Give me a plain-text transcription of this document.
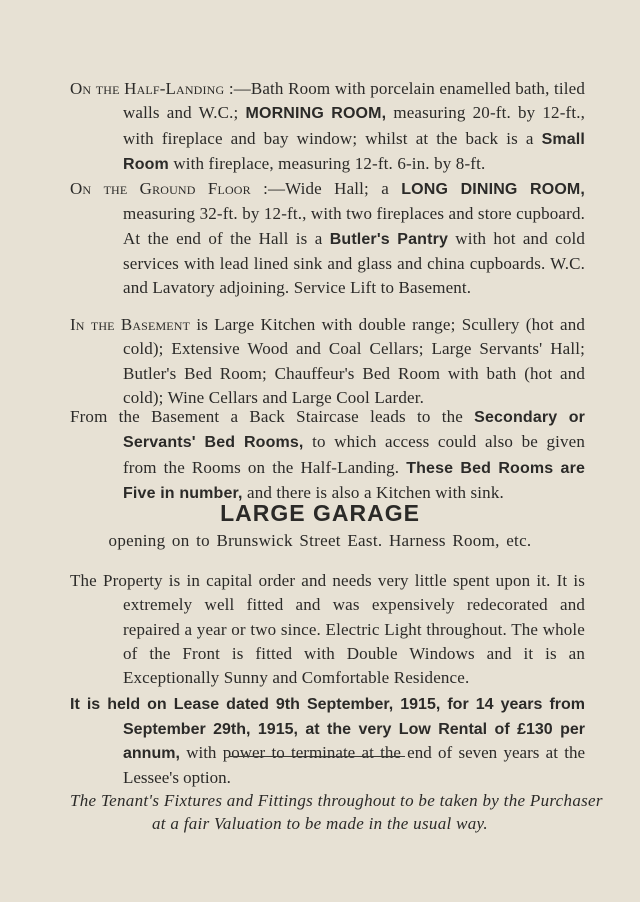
On the Half-Landing :—Bath Room with porcelain enamelled bath, tiled walls and W.C.; MORNING ROOM, measuring 20-ft. by 12-ft., with fireplace and bay window; whilst at the back is a Small Room with fireplace, measuring 12-ft. 6-in. by 8-ft.

On the Ground Floor :—Wide Hall; a LONG DINING ROOM, measuring 32-ft. by 12-ft., with two fireplaces and store cupboard. At the end of the Hall is a Butler's Pantry with hot and cold services with lead lined sink and glass and china cupboards. W.C. and Lavatory adjoining. Service Lift to Basement.

In the Basement is Large Kitchen with double range; Scullery (hot and cold); Extensive Wood and Coal Cellars; Large Servants' Hall; Butler's Bed Room; Chauffeur's Bed Room with bath (hot and cold); Wine Cellars and Large Cool Larder.

From the Basement a Back Staircase leads to the Secondary or Servants' Bed Rooms, to which access could also be given from the Rooms on the Half-Landing. These Bed Rooms are Five in number, and there is also a Kitchen with sink.

LARGE GARAGE
opening on to Brunswick Street East. Harness Room, etc.

The Property is in capital order and needs very little spent upon it. It is extremely well fitted and was expensively redecorated and repaired a year or two since. Electric Light throughout. The whole of the Front is fitted with Double Windows and it is an Exceptionally Sunny and Comfortable Residence.

It is held on Lease dated 9th September, 1915, for 14 years from September 29th, 1915, at the very Low Rental of £130 per annum, with power to terminate at the end of seven years at the Lessee's option.

The Tenant's Fixtures and Fittings throughout to be taken by the Purchaser at a fair Valuation to be made in the usual way.
